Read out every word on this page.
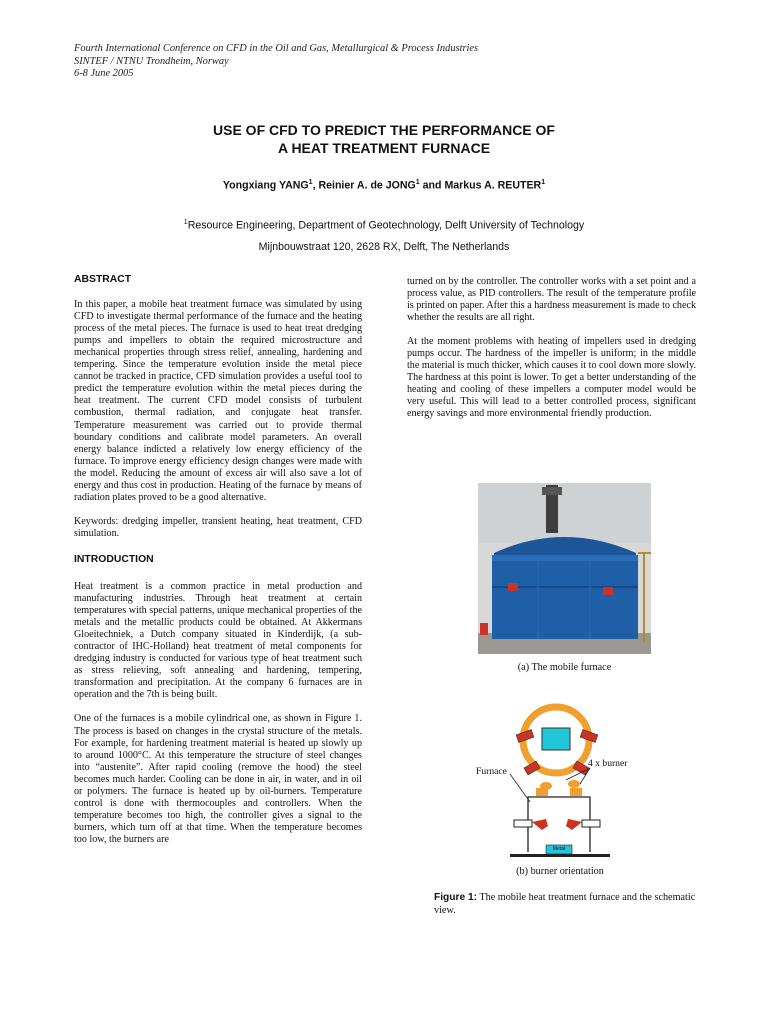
Fourth International Conference on CFD in the Oil and Gas, Metallurgical & Process Industries
SINTEF / NTNU Trondheim, Norway
6-8 June 2005
USE OF CFD TO PREDICT THE PERFORMANCE OF
A HEAT TREATMENT FURNACE
Yongxiang YANG$^1$, Reinier A. de JONG$^1$ and Markus A. REUTER$^1$
$^1$Resource Engineering, Department of Geotechnology, Delft University of Technology
Mijnbouwstraat 120, 2628 RX, Delft, The Netherlands

ABSTRACT

In this paper, a mobile heat treatment furnace was simulated by using CFD to investigate thermal performance of the furnace and the heating process of the metal pieces. The furnace is used to heat treat dredging pumps and impellers to obtain the required microstructure and mechanical properties through stress relief, annealing, hardening and tempering. Since the temperature evolution inside the metal piece cannot be tracked in practice, CFD simulation provides a useful tool to predict the temperature evolution within the metal pieces during the heat treatment. The current CFD model consists of turbulent combustion, thermal radiation, and conjugate heat transfer. Temperature measurement was carried out to provide thermal boundary conditions and calibrate model parameters. An overall energy balance indicted a relatively low energy efficiency of the furnace. To improve energy efficiency design changes were made with the model. Reducing the amount of excess air will also save a lot of energy and thus cost in production. Heating of the furnace by means of radiation plates proved to be a good alternative.

Keywords: dredging impeller, transient heating, heat treatment, CFD simulation.

INTRODUCTION

Heat treatment is a common practice in metal production and manufacturing industries. Through heat treatment at certain temperatures with special patterns, unique mechanical properties of the metals and the metallic products could be obtained. At Akkermans Gloeitechniek, a Dutch company situated in Kinderdijk, (a sub-contractor of IHC-Holland) heat treatment of metal components for dredging industry is conducted for various type of heat treatment such as stress relieving, soft annealing and hardening, tempering, transformation and precipitation. At the company 6 furnaces are in operation and the 7th is being built.

One of the furnaces is a mobile cylindrical one, as shown in Figure 1. The process is based on changes in the crystal structure of the metals. For example, for hardening treatment material is heated up slowly up to around 1000°C. At this temperature the structure of steel changes into “austenite”. After rapid cooling (remove the hood) the steel becomes much harder. Cooling can be done in air, in water, and in oil or polymers. The furnace is heated up by oil-burners. Temperature control is done with thermocouples and controllers. When the temperature becomes too high, the controller gives a signal to the burners, which turn off at that time. When the temperature becomes too low, the burners are

turned on by the controller. The controller works with a set point and a process value, as PID controllers. The result of the temperature profile is printed on paper. After this a hardness measurement is made to check whether the results are all right.

At the moment problems with heating of impellers used in dredging pumps occur. The hardness of the impeller is uniform; in the middle the material is much thicker, which causes it to cool down more slowly. The hardness at this point is lower. To get a better understanding of the heating and cooling of these impellers a computer model would be very useful. This will lead to a better controlled process, significant energy savings and more environmental friendly production.

(a) The mobile furnace
4 x burner
Furnace
Metal
(b) burner orientation
Figure 1: The mobile heat treatment furnace and the schematic view.
